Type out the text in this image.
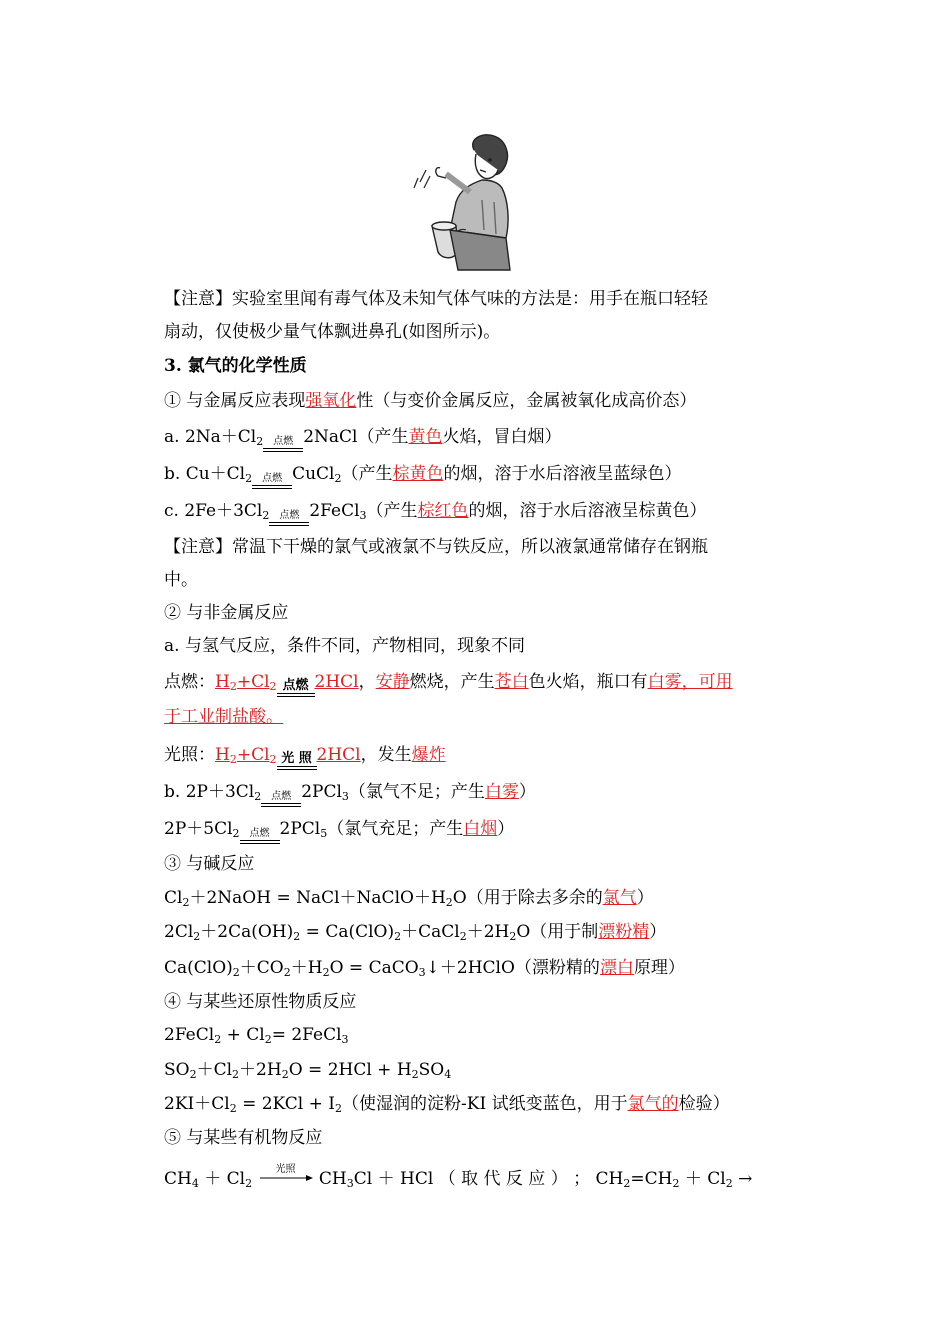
【注意】实验室里闻有毒气体及未知气体气味的方法是：用手在瓶口轻轻
扇动，仅使极少量气体飘进鼻孔(如图所示)。
3. 氯气的化学性质
① 与金属反应表现强氧化性（与变价金属反应，金属被氧化成高价态）
a. $2Na+Cl_2$	点燃 2NaCl（产生黄色火焰，冒白烟）
b. $Cu+Cl_2$	点燃 CuCl$_2$（产生棕黄色的烟，溶于水后溶液呈蓝绿色）
c. $2Fe+3Cl_2$	点燃 2FeCl$_3$（产生棕红色的烟，溶于水后溶液呈棕黄色）
【注意】常温下干燥的氯气或液氯不与铁反应，所以液氯通常储存在钢瓶
中。
② 与非金属反应
a. 与氢气反应，条件不同，产物相同，现象不同
点燃：$H_2+Cl_2$ 点燃 2HCl，安静燃烧，产生苍白色火焰，瓶口有白雾，可用
于工业制盐酸。
光照：$H_2+Cl_2$ 光 照 2HCl，发生爆炸
b. $2P+3Cl_2$	点燃 2PCl$_3$（氯气不足；产生白雾）
$2P+5Cl_2$	点燃 2PCl$_5$（氯气充足；产生白烟）
③ 与碱反应
$Cl_2+2NaOH$ = $NaCl+NaClO+H_2O$（用于除去多余的氯气）
$2Cl_2+2Ca(OH)_2$ = $Ca(ClO)_2+CaCl_2+2H_2O$（用于制漂粉精）
$Ca(ClO)_2+CO_2+H_2O$ = CaCO$_3$↓＋2HClO（漂粉精的漂白原理）
④ 与某些还原性物质反应
2FeCl$_2$ + $Cl_2=$ 2FeCl$_3$
$SO_2+Cl_2+2H_2O = 2HCl + H_2SO_4$
$2KI+Cl_2 = 2KCl + I_2$（使湿润的淀粉-KI 试纸变蓝色，用于氯气的检验）
⑤ 与某些有机物反应
$CH_4 + Cl_2$
光照	$CH_3Cl$ ＋ HCl （ 取 代 反 应 ） ； $CH_2=CH_2 + Cl_2$ →
